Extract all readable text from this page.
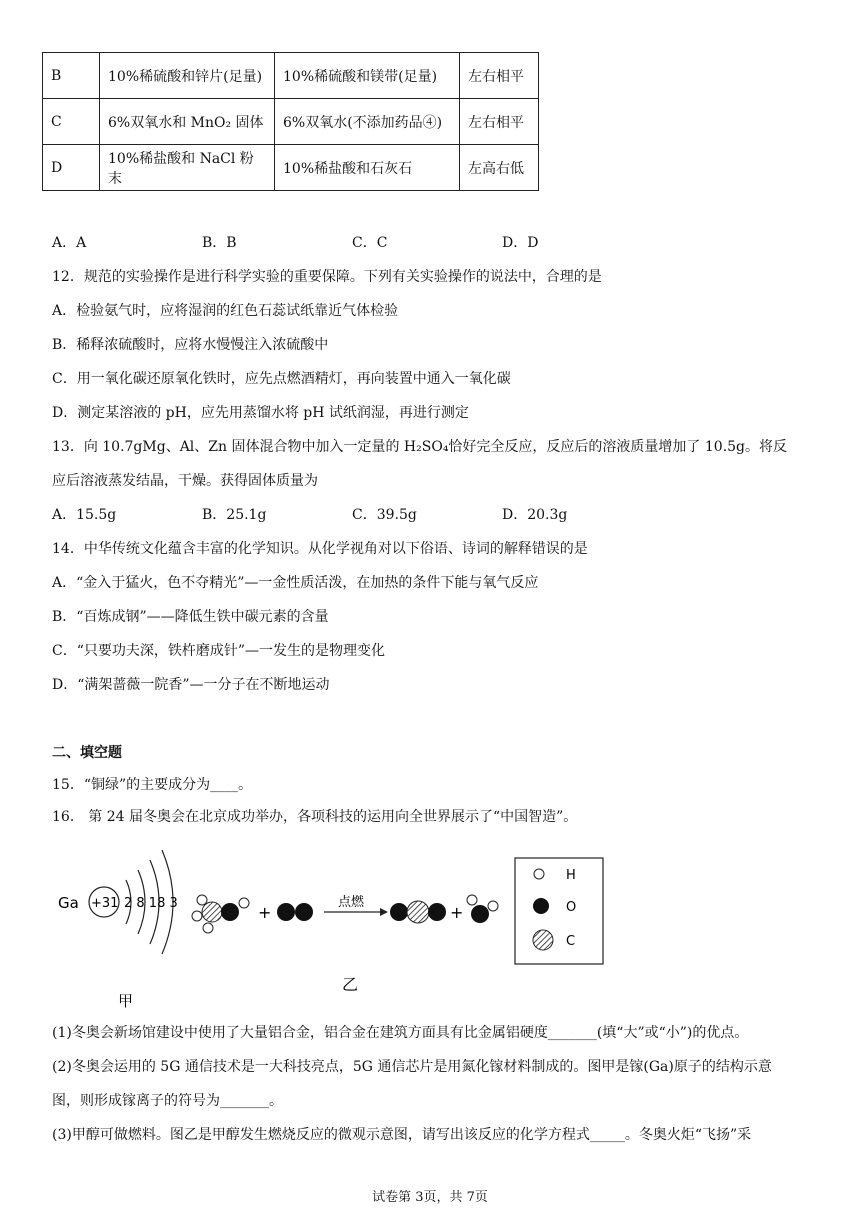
B	10%稀硫酸和锌片(足量)	10%稀硫酸和镁带(足量)	左右相平
C	6%双氧水和 MnO₂ 固体	6%双氧水(不添加药品④)	左右相平
D	10%稀盐酸和 NaCl 粉末	10%稀盐酸和石灰石	左高右低
A．A	B．B	C．C	D．D
12．规范的实验操作是进行科学实验的重要保障。下列有关实验操作的说法中，合理的是
A．检验氨气时，应将湿润的红色石蕊试纸靠近气体检验
B．稀释浓硫酸时，应将水慢慢注入浓硫酸中
C．用一氧化碳还原氧化铁时，应先点燃酒精灯，再向装置中通入一氧化碳
D．测定某溶液的 pH，应先用蒸馏水将 pH 试纸润湿，再进行测定
13．向 10.7gMg、Al、Zn 固体混合物中加入一定量的 H₂SO₄恰好完全反应，反应后的溶液质量增加了 10.5g。将反
应后溶液蒸发结晶，干燥。获得固体质量为
A．15.5g	B．25.1g	C．39.5g	D．20.3g
14．中华传统文化蕴含丰富的化学知识。从化学视角对以下俗语、诗词的解释错误的是
A．“金入于猛火，色不夺精光”—一金性质活泼，在加热的条件下能与氧气反应
B．“百炼成钢”——降低生铁中碳元素的含量
C．“只要功夫深，铁杵磨成针”—一发生的是物理变化
D．“满架蔷薇一院香”—一分子在不断地运动
二、填空题
15．“铜绿”的主要成分为____。
16． 第 24 届冬奥会在北京成功举办，各项科技的运用向全世界展示了“中国智造”。
Ga +31 2 8 18 3
甲
+
点燃
+
乙
H
O
C
(1)冬奥会新场馆建设中使用了大量铝合金，铝合金在建筑方面具有比金属铝硬度_______(填“大”或“小”)的优点。
(2)冬奥会运用的 5G 通信技术是一大科技亮点，5G 通信芯片是用氮化镓材料制成的。图甲是镓(Ga)原子的结构示意
图，则形成镓离子的符号为_______。
(3)甲醇可做燃料。图乙是甲醇发生燃烧反应的微观示意图，请写出该反应的化学方程式_____。冬奥火炬“飞扬”采
试卷第 3页，共 7页
